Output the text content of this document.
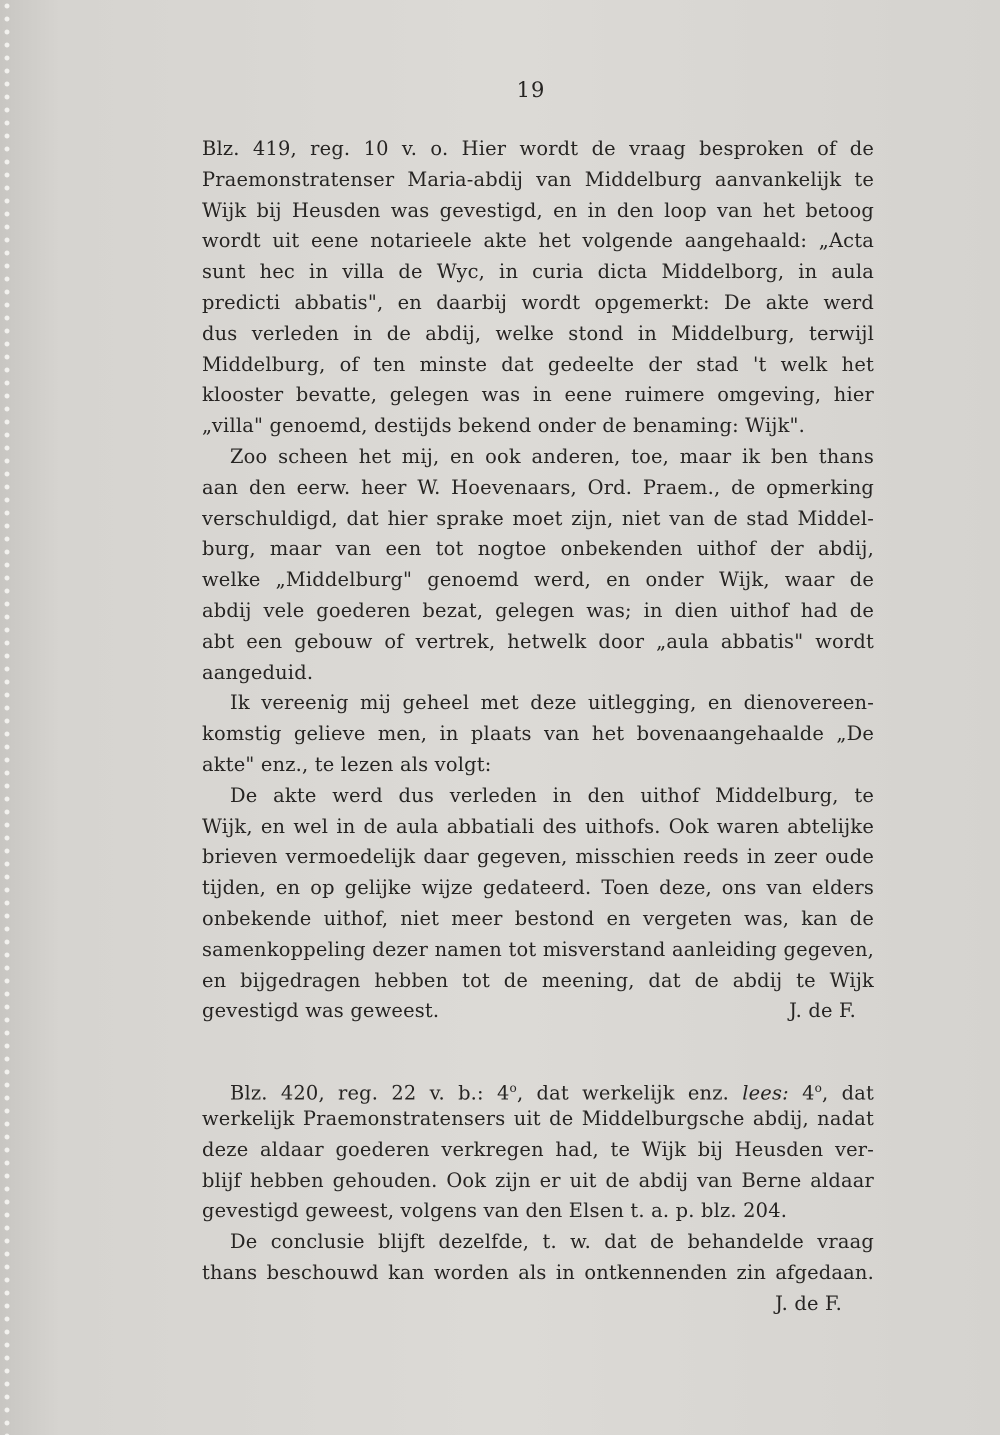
19
Blz. 419, reg. 10 v. o. Hier wordt de vraag besproken of de
Praemonstratenser Maria-abdij van Middelburg aanvankelijk te
Wijk bij Heusden was gevestigd, en in den loop van het betoog
wordt uit eene notarieele akte het volgende aangehaald: „Acta
sunt hec in villa de Wyc, in curia dicta Middelborg, in aula
predicti abbatis", en daarbij wordt opgemerkt: De akte werd
dus verleden in de abdij, welke stond in Middelburg, terwijl
Middelburg, of ten minste dat gedeelte der stad 't welk het
klooster bevatte, gelegen was in eene ruimere omgeving, hier
„villa" genoemd, destijds bekend onder de benaming: Wijk".
Zoo scheen het mij, en ook anderen, toe, maar ik ben thans
aan den eerw. heer W. Hoevenaars, Ord. Praem., de opmerking
verschuldigd, dat hier sprake moet zijn, niet van de stad Middel-
burg, maar van een tot nogtoe onbekenden uithof der abdij,
welke „Middelburg" genoemd werd, en onder Wijk, waar de
abdij vele goederen bezat, gelegen was; in dien uithof had de
abt een gebouw of vertrek, hetwelk door „aula abbatis" wordt
aangeduid.
Ik vereenig mij geheel met deze uitlegging, en dienovereen-
komstig gelieve men, in plaats van het bovenaangehaalde „De
akte" enz., te lezen als volgt:
De akte werd dus verleden in den uithof Middelburg, te
Wijk, en wel in de aula abbatiali des uithofs. Ook waren abtelijke
brieven vermoedelijk daar gegeven, misschien reeds in zeer oude
tijden, en op gelijke wijze gedateerd. Toen deze, ons van elders
onbekende uithof, niet meer bestond en vergeten was, kan de
samenkoppeling dezer namen tot misverstand aanleiding gegeven,
en bijgedragen hebben tot de meening, dat de abdij te Wijk
gevestigd was geweest.	J. de F.
Blz. 420, reg. 22 v. b.: 4$^o$, dat werkelijk enz. lees: 4$^o$, dat
werkelijk Praemonstratensers uit de Middelburgsche abdij, nadat
deze aldaar goederen verkregen had, te Wijk bij Heusden ver-
blijf hebben gehouden. Ook zijn er uit de abdij van Berne aldaar
gevestigd geweest, volgens van den Elsen t. a. p. blz. 204.
De conclusie blijft dezelfde, t. w. dat de behandelde vraag
thans beschouwd kan worden als in ontkennenden zin afgedaan.
J. de F.
